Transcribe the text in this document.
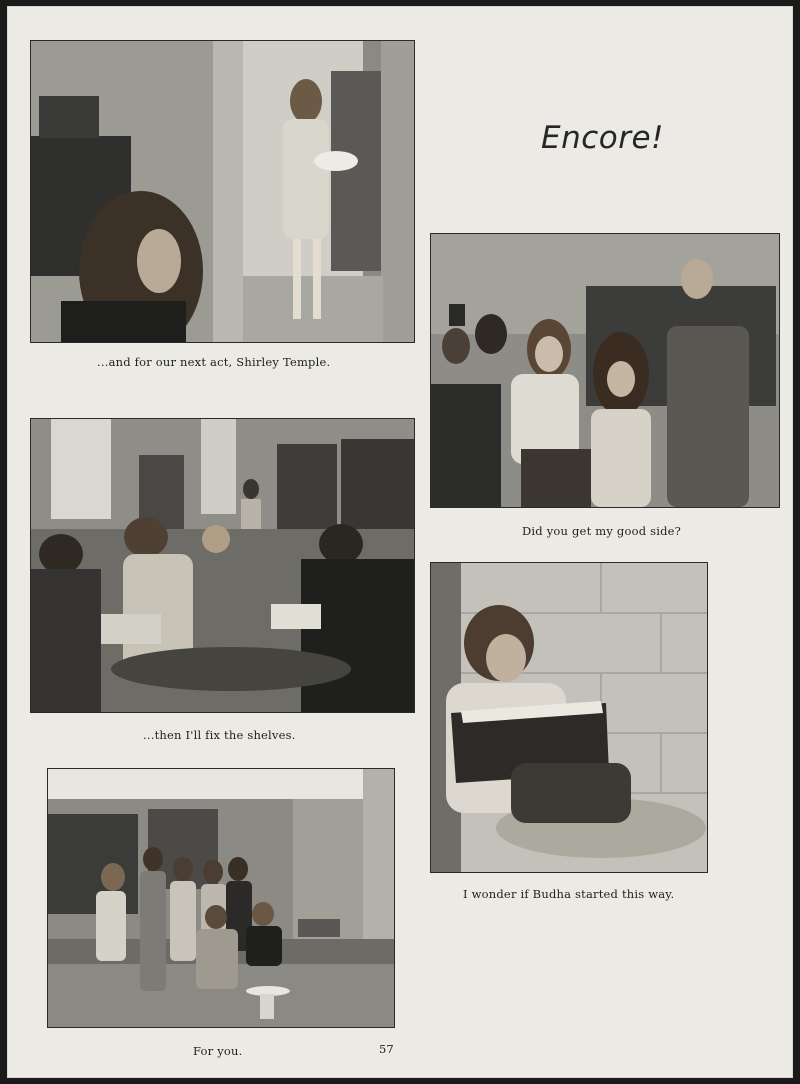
...and for our next act, Shirley Temple.
Encore!
Did you get my good side?
...then I'll fix the shelves.
I wonder if Budha started this way.
For you.	57
